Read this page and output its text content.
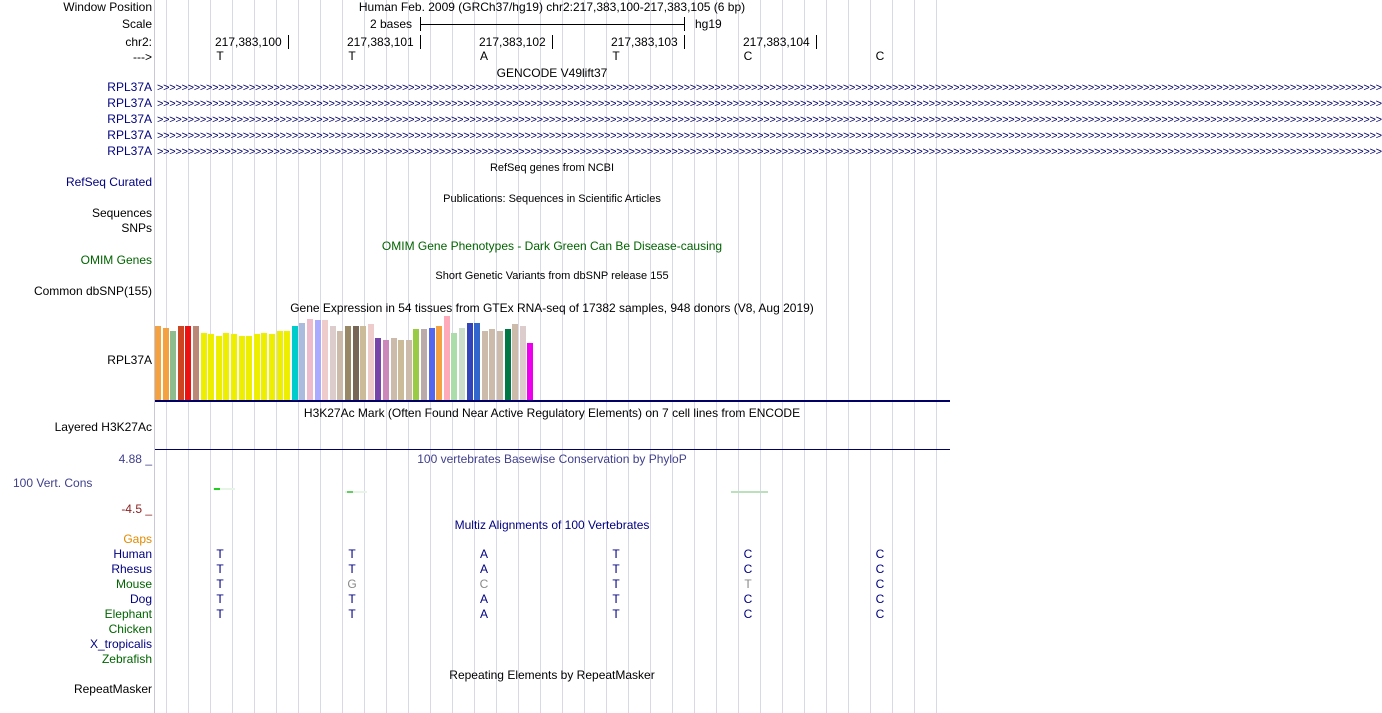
Window Position	Human Feb. 2009 (GRCh37/hg19) chr2:217,383,100-217,383,105 (6 bp)
Scale	2 bases	hg19
chr2:	217,383,100	217,383,101	217,383,102	217,383,103	217,383,104
--->	T	T	A	T	C	C
GENCODE V49lift37
RPL37A >>>>>>>>>>>>>>>>>>>>>>>>>>>>>>>>>>>>>>>>>>>>>>>>>>>>>>>>>>>>>>>>>>>>>>>>>>>>>>>>>>>>>>>>>>>>>>>>>>>>>>>>>>>>>>>>>>>>>>>>>>>>>>>>>>>>>>>>>>>>>>>>>>>>>>>>>>>>>>>>>>>>>>>>>>>>>>>>>>>>>>>>>>>>>>>>>>>>>>>>
RPL37A >>>>>>>>>>>>>>>>>>>>>>>>>>>>>>>>>>>>>>>>>>>>>>>>>>>>>>>>>>>>>>>>>>>>>>>>>>>>>>>>>>>>>>>>>>>>>>>>>>>>>>>>>>>>>>>>>>>>>>>>>>>>>>>>>>>>>>>>>>>>>>>>>>>>>>>>>>>>>>>>>>>>>>>>>>>>>>>>>>>>>>>>>>>>>>>>>>>>>>>>
RPL37A >>>>>>>>>>>>>>>>>>>>>>>>>>>>>>>>>>>>>>>>>>>>>>>>>>>>>>>>>>>>>>>>>>>>>>>>>>>>>>>>>>>>>>>>>>>>>>>>>>>>>>>>>>>>>>>>>>>>>>>>>>>>>>>>>>>>>>>>>>>>>>>>>>>>>>>>>>>>>>>>>>>>>>>>>>>>>>>>>>>>>>>>>>>>>>>>>>>>>>>>
RPL37A >>>>>>>>>>>>>>>>>>>>>>>>>>>>>>>>>>>>>>>>>>>>>>>>>>>>>>>>>>>>>>>>>>>>>>>>>>>>>>>>>>>>>>>>>>>>>>>>>>>>>>>>>>>>>>>>>>>>>>>>>>>>>>>>>>>>>>>>>>>>>>>>>>>>>>>>>>>>>>>>>>>>>>>>>>>>>>>>>>>>>>>>>>>>>>>>>>>>>>>>
RPL37A >>>>>>>>>>>>>>>>>>>>>>>>>>>>>>>>>>>>>>>>>>>>>>>>>>>>>>>>>>>>>>>>>>>>>>>>>>>>>>>>>>>>>>>>>>>>>>>>>>>>>>>>>>>>>>>>>>>>>>>>>>>>>>>>>>>>>>>>>>>>>>>>>>>>>>>>>>>>>>>>>>>>>>>>>>>>>>>>>>>>>>>>>>>>>>>>>>>>>>>>
RefSeq genes from NCBI
RefSeq Curated
Publications: Sequences in Scientific Articles
Sequences
SNPs
OMIM Gene Phenotypes - Dark Green Can Be Disease-causing
OMIM Genes
Short Genetic Variants from dbSNP release 155
Common dbSNP(155)
Gene Expression in 54 tissues from GTEx RNA-seq of 17382 samples, 948 donors (V8, Aug 2019)
RPL37A
H3K27Ac Mark (Often Found Near Active Regulatory Elements) on 7 cell lines from ENCODE
Layered H3K27Ac
4.88 _	100 vertebrates Basewise Conservation by PhyloP
100 Vert. Cons
-4.5 _
Multiz Alignments of 100 Vertebrates
Gaps
Human	T	T	A	T	C	C
Rhesus	T	T	A	T	C	C
Mouse	T	G	C	T	T	C
Dog	T	T	A	T	C	C
Elephant	T	T	A	T	C	C
Chicken
X_tropicalis
Zebrafish
Repeating Elements by RepeatMasker
RepeatMasker
